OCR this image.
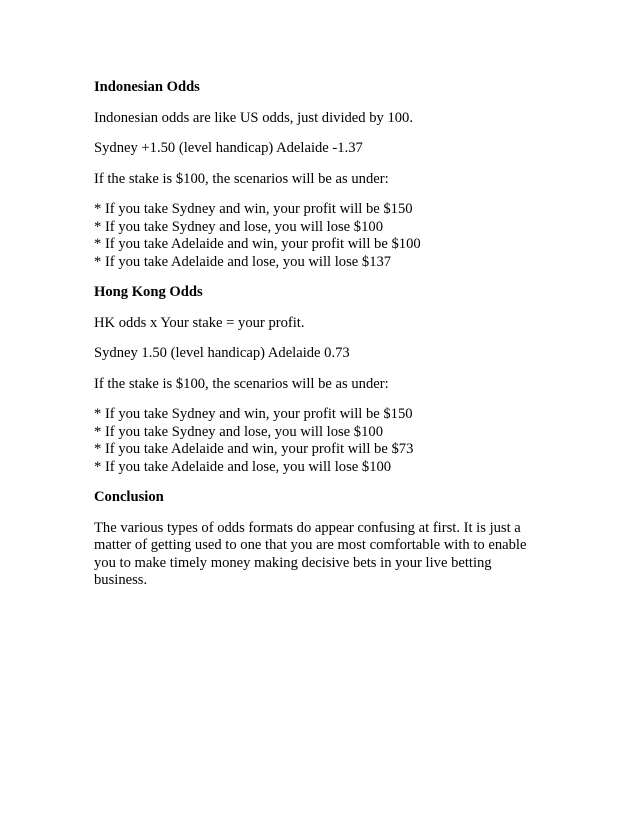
Indonesian Odds

Indonesian odds are like US odds, just divided by 100.

Sydney +1.50 (level handicap) Adelaide -1.37

If the stake is $100, the scenarios will be as under:

* If you take Sydney and win, your profit will be $150
* If you take Sydney and lose, you will lose $100
* If you take Adelaide and win, your profit will be $100
* If you take Adelaide and lose, you will lose $137

Hong Kong Odds

HK odds x Your stake = your profit.

Sydney 1.50 (level handicap) Adelaide 0.73

If the stake is $100, the scenarios will be as under:

* If you take Sydney and win, your profit will be $150
* If you take Sydney and lose, you will lose $100
* If you take Adelaide and win, your profit will be $73
* If you take Adelaide and lose, you will lose $100

Conclusion

The various types of odds formats do appear confusing at first. It is just a matter of getting used to one that you are most comfortable with to enable you to make timely money making decisive bets in your live betting business.
